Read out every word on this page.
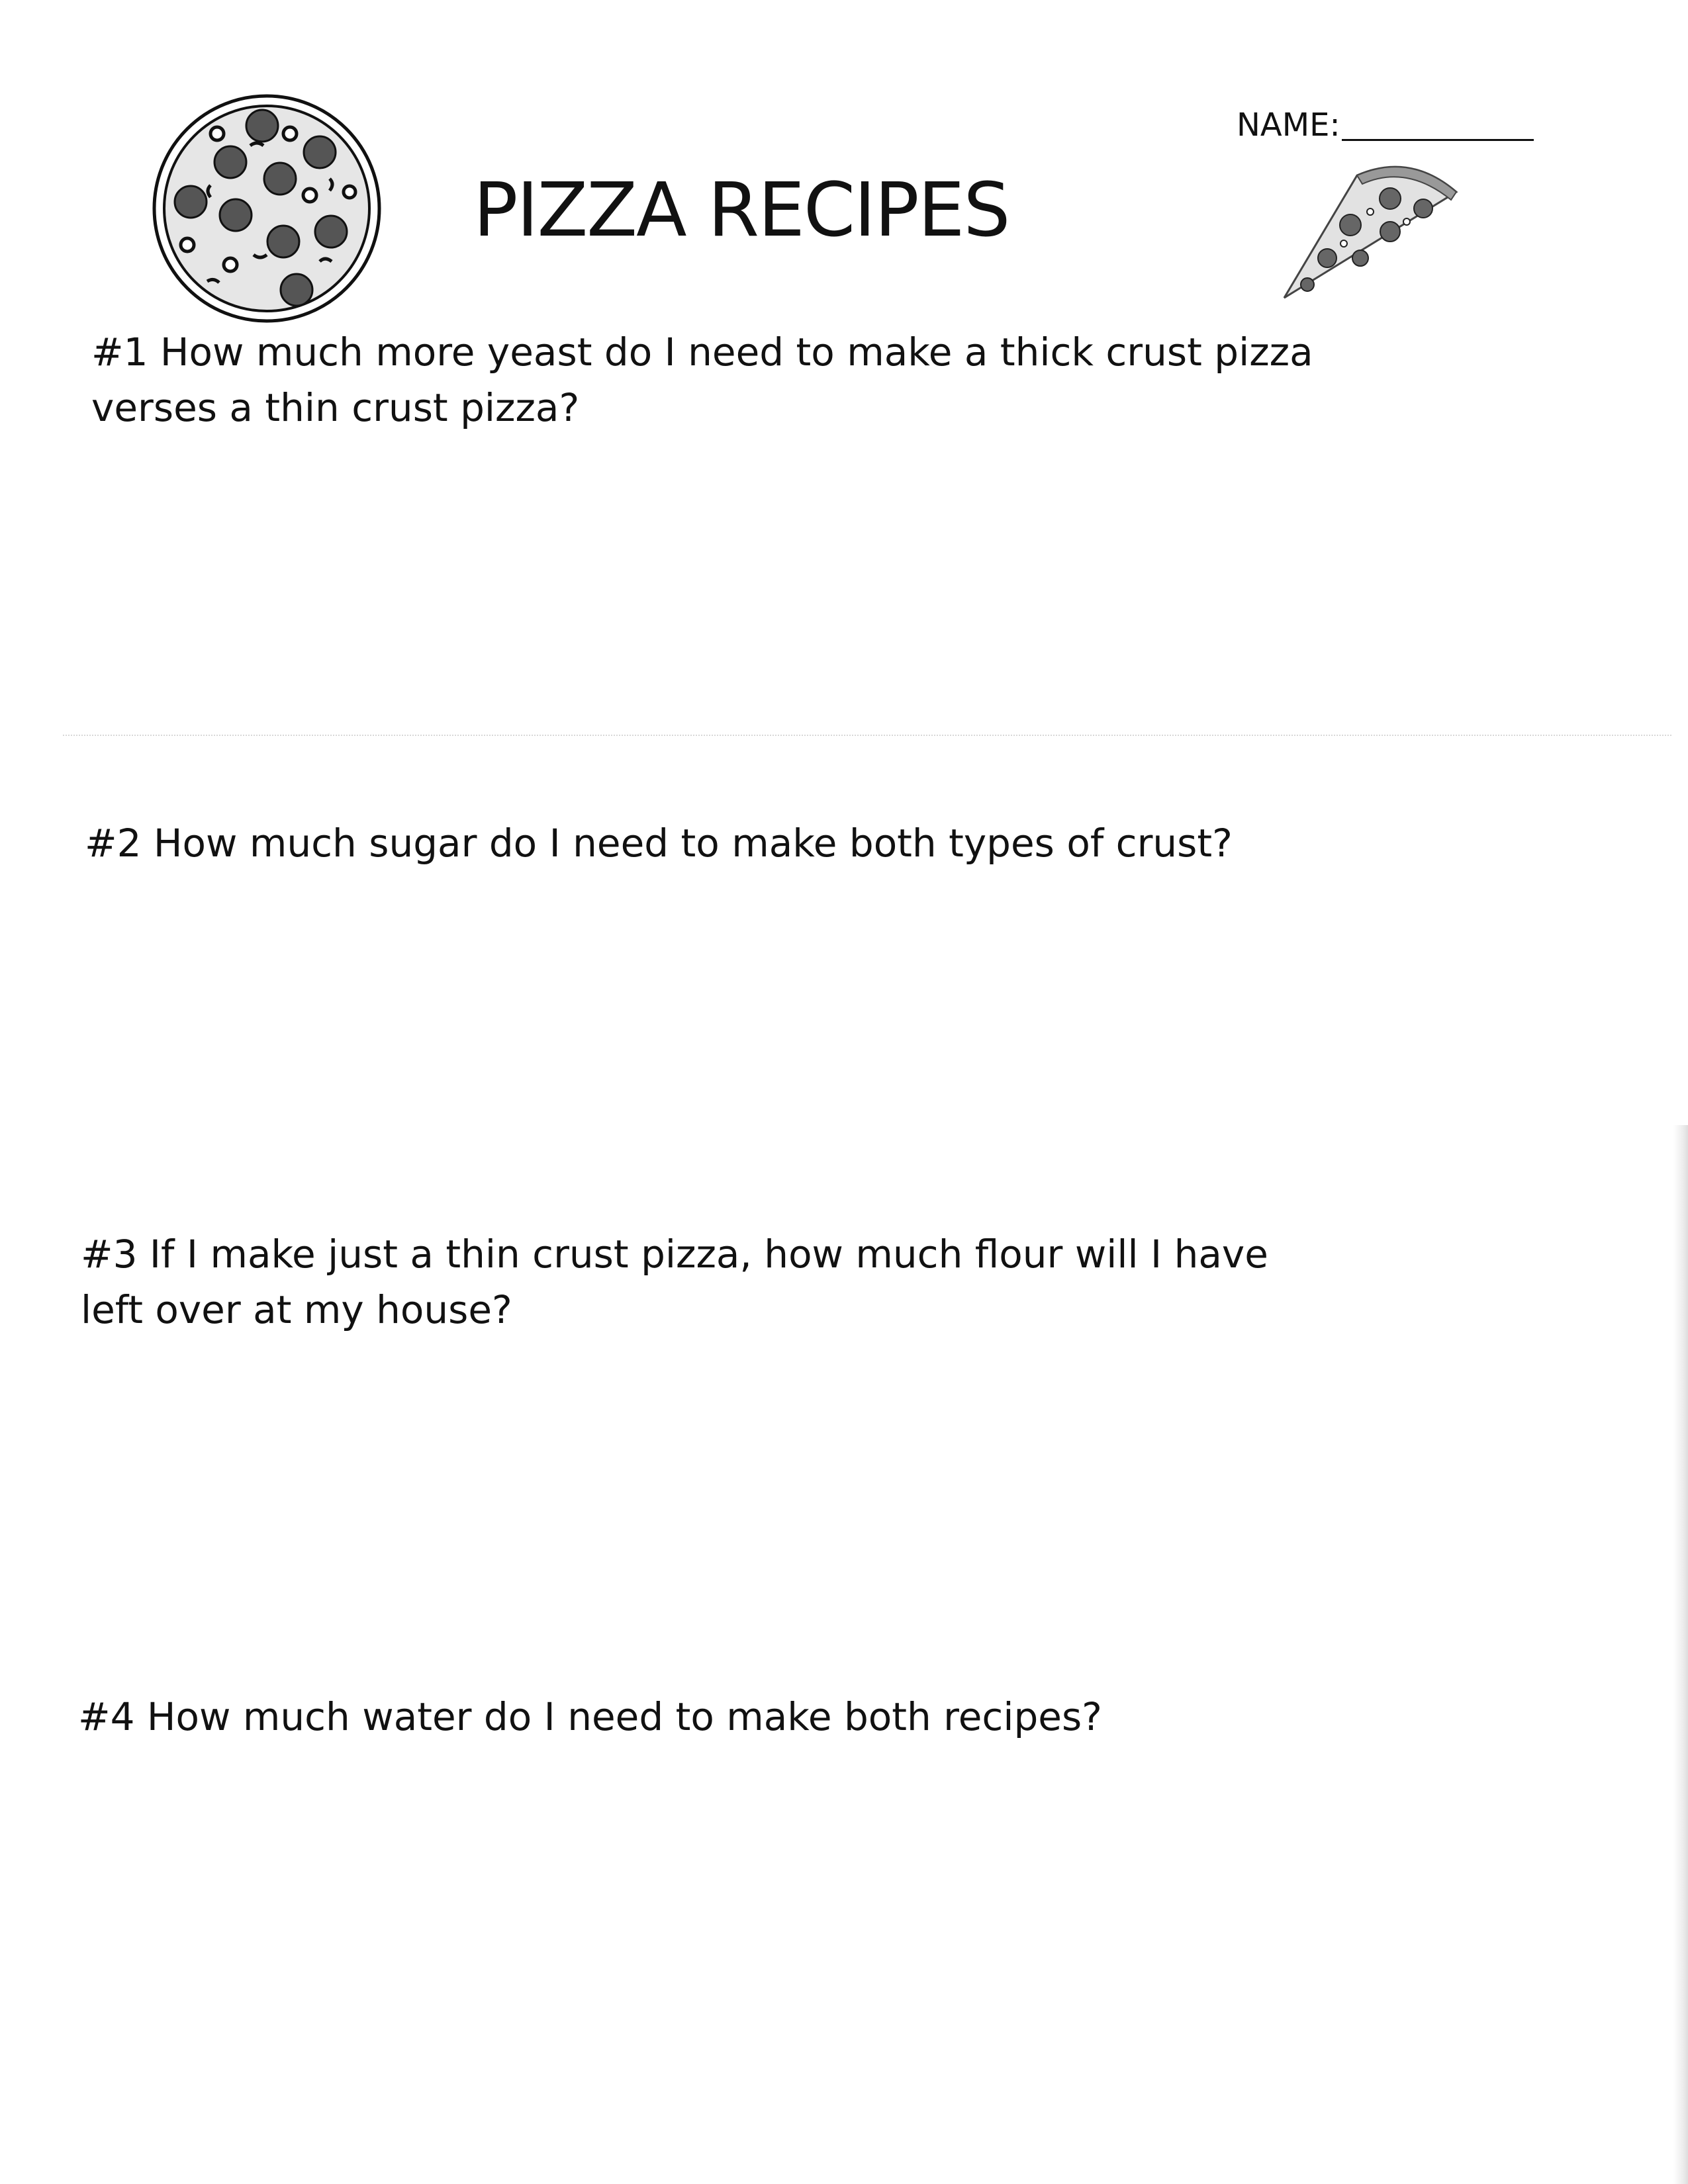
PIZZA RECIPES
NAME:
#1 How much more yeast do I need to make a thick crust pizza
verses a thin crust pizza?
#2 How much sugar do I need to make both types of crust?
#3 If I make just a thin crust pizza, how much flour will I have
left over at my house?
#4 How much water do I need to make both recipes?
